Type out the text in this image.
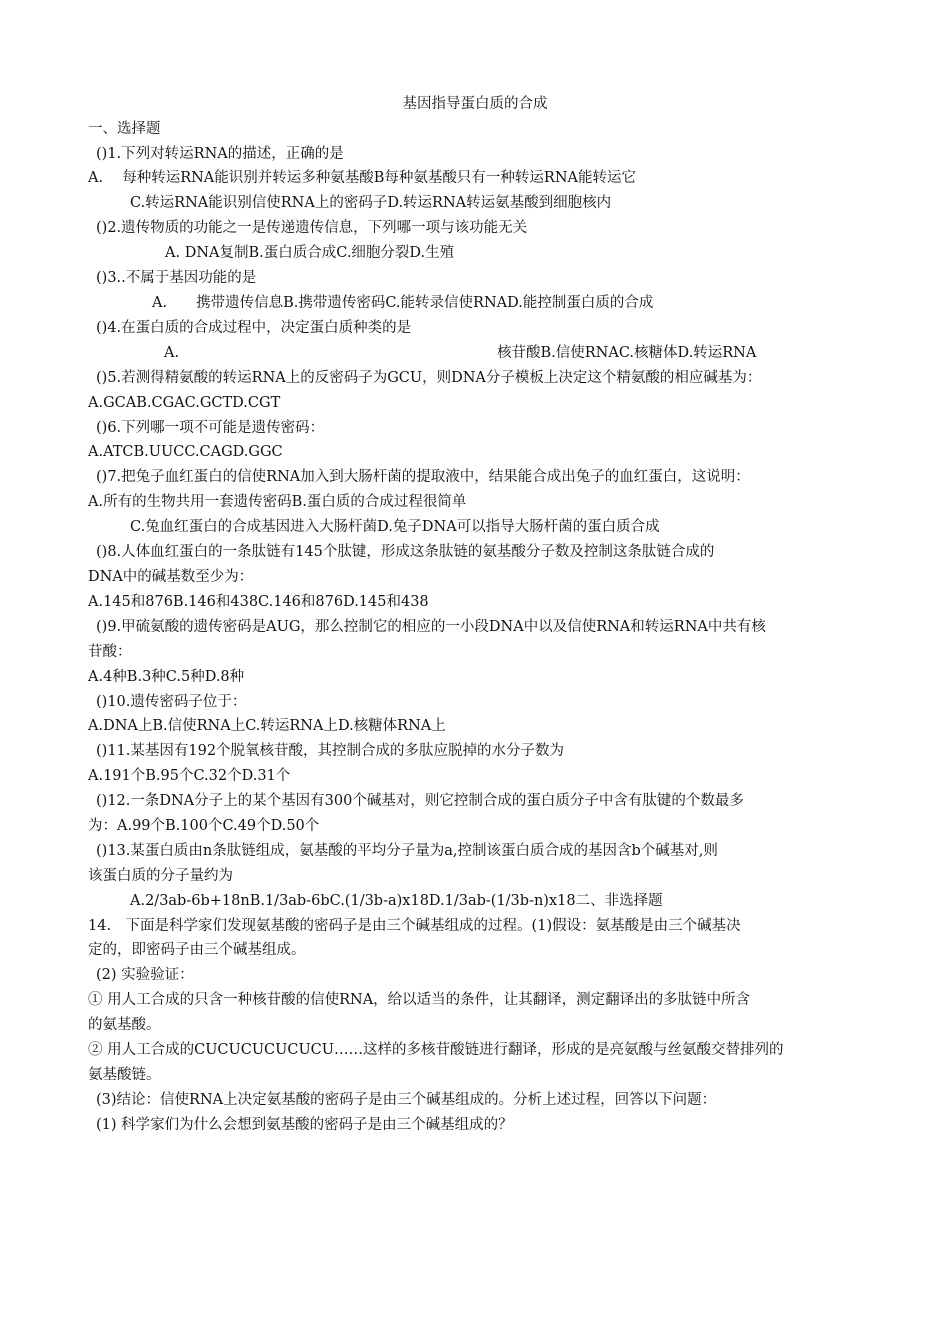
基因指导蛋白质的合成
一、选择题
()1.下列对转运RNA的描述，正确的是
A.　 每种转运RNA能识别并转运多种氨基酸B每种氨基酸只有一种转运RNA能转运它
C.转运RNA能识别信使RNA上的密码子D.转运RNA转运氨基酸到细胞核内
()2.遗传物质的功能之一是传递遗传信息，下列哪一项与该功能无关
A. DNA复制B.蛋白质合成C.细胞分裂D.生殖
()3..不属于基因功能的是
A.　　携带遗传信息B.携带遗传密码C.能转录信使RNAD.能控制蛋白质的合成
()4.在蛋白质的合成过程中，决定蛋白质种类的是
A.	核苷酸B.信使RNAC.核糖体D.转运RNA
()5.若测得精氨酸的转运RNA上的反密码子为GCU，则DNA分子模板上决定这个精氨酸的相应碱基为：
A.GCAB.CGAC.GCTD.CGT
()6.下列哪一项不可能是遗传密码：
A.ATCB.UUCC.CAGD.GGC
()7.把兔子血红蛋白的信使RNA加入到大肠杆菌的提取液中，结果能合成出兔子的血红蛋白，这说明：
A.所有的生物共用一套遗传密码B.蛋白质的合成过程很简单
C.兔血红蛋白的合成基因进入大肠杆菌D.兔子DNA可以指导大肠杆菌的蛋白质合成
()8.人体血红蛋白的一条肽链有145个肽键，形成这条肽链的氨基酸分子数及控制这条肽链合成的
DNA中的碱基数至少为：
A.145和876B.146和438C.146和876D.145和438
()9.甲硫氨酸的遗传密码是AUG，那么控制它的相应的一小段DNA中以及信使RNA和转运RNA中共有核
苷酸：
A.4种B.3种C.5种D.8种
()10.遗传密码子位于：
A.DNA上B.信使RNA上C.转运RNA上D.核糖体RNA上
()11.某基因有192个脱氧核苷酸，其控制合成的多肽应脱掉的水分子数为
A.191个B.95个C.32个D.31个
()12.一条DNA分子上的某个基因有300个碱基对，则它控制合成的蛋白质分子中含有肽键的个数最多
为：A.99个B.100个C.49个D.50个
()13.某蛋白质由n条肽链组成，氨基酸的平均分子量为a,控制该蛋白质合成的基因含b个碱基对,则
该蛋白质的分子量约为
A.2/3ab-6b+18nB.1/3ab-6bC.(1/3b-a)x18D.1/3ab-(1/3b-n)x18二、非选择题
14.　下面是科学家们发现氨基酸的密码子是由三个碱基组成的过程。(1)假设：氨基酸是由三个碱基决
定的，即密码子由三个碱基组成。
(2) 实验验证：
① 用人工合成的只含一种核苷酸的信使RNA，给以适当的条件，让其翻译，测定翻译出的多肽链中所含
的氨基酸。
② 用人工合成的CUCUCUCUCUCU……这样的多核苷酸链进行翻译，形成的是亮氨酸与丝氨酸交替排列的
氨基酸链。
(3)结论：信使RNA上决定氨基酸的密码子是由三个碱基组成的。分析上述过程，回答以下问题：
(1) 科学家们为什么会想到氨基酸的密码子是由三个碱基组成的？
